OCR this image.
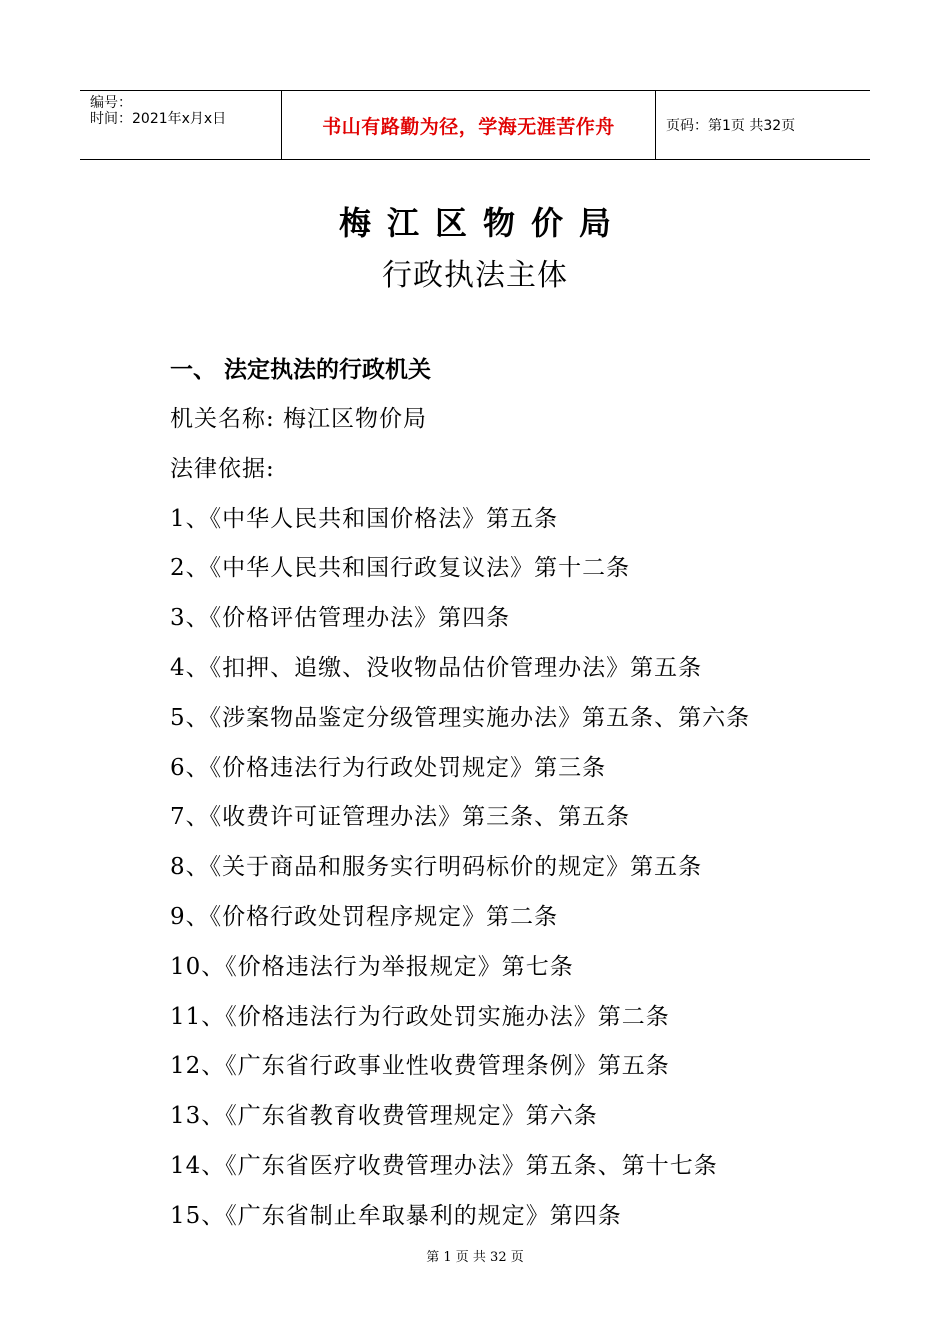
编号：
时间：2021年x月x日	书山有路勤为径，学海无涯苦作舟	页码：第1页 共32页
梅江区物价局
行政执法主体
一、 法定执法的行政机关
机关名称: 梅江区物价局
法律依据:
1、《中华人民共和国价格法》第五条
2、《中华人民共和国行政复议法》第十二条
3、《价格评估管理办法》第四条
4、《扣押、追缴、没收物品估价管理办法》第五条
5、《涉案物品鉴定分级管理实施办法》第五条、第六条
6、《价格违法行为行政处罚规定》第三条
7、《收费许可证管理办法》第三条、第五条
8、《关于商品和服务实行明码标价的规定》第五条
9、《价格行政处罚程序规定》第二条
10、《价格违法行为举报规定》第七条
11、《价格违法行为行政处罚实施办法》第二条
12、《广东省行政事业性收费管理条例》第五条
13、《广东省教育收费管理规定》第六条
14、《广东省医疗收费管理办法》第五条、第十七条
15、《广东省制止牟取暴利的规定》第四条
第 1 页 共 32 页
